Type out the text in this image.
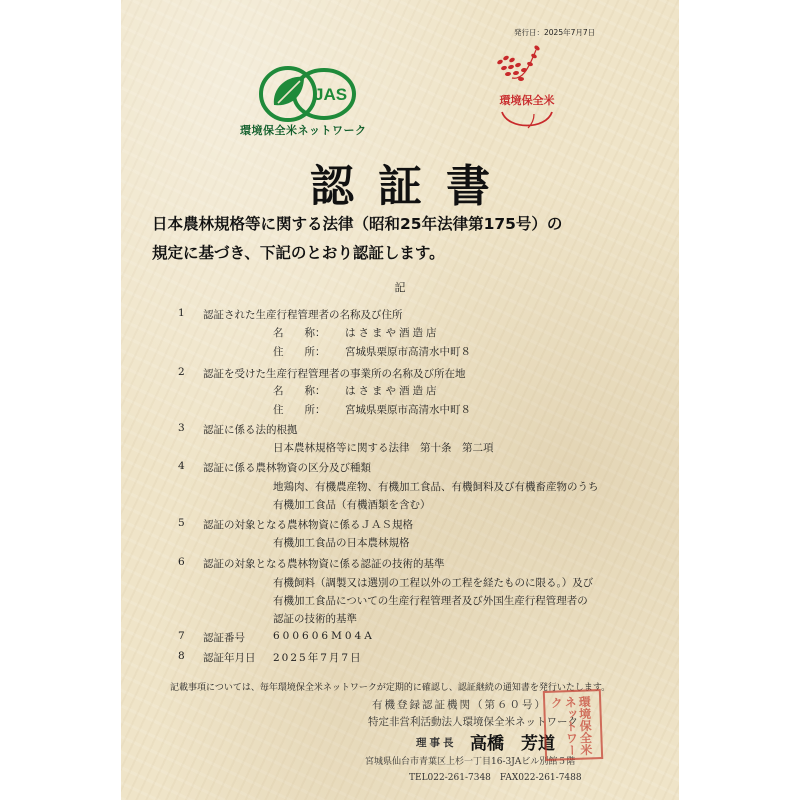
発行日：2025年7月7日
JAS
環境保全米ネットワーク
環境保全米
認証書
日本農林規格等に関する法律（昭和25年法律第175号）の
規定に基づき、下記のとおり認証します。
記
1 認証された生産行程管理者の名称及び住所
名　　称： はさまや酒造店
住　　所： 宮城県栗原市高清水中町８
2 認証を受けた生産行程管理者の事業所の名称及び所在地
名　　称： はさまや酒造店
住　　所： 宮城県栗原市高清水中町８
3 認証に係る法的根拠
日本農林規格等に関する法律　第十条　第二項
4 認証に係る農林物資の区分及び種類
地鶏肉、有機農産物、有機加工食品、有機飼料及び有機畜産物のうち
有機加工食品（有機酒類を含む）
5 認証の対象となる農林物資に係るＪＡＳ規格
有機加工食品の日本農林規格
6 認証の対象となる農林物資に係る認証の技術的基準
有機飼料（調製又は選別の工程以外の工程を経たものに限る。）及び
有機加工食品についての生産行程管理者及び外国生産行程管理者の
認証の技術的基準
7 認証番号	600606M04A
8 認証年月日 2025年7月7日
記載事項については、毎年環境保全米ネットワークが定期的に確認し、認証継続の通知書を発行いたします。
有機登録認証機関（第６０号）
特定非営利活動法人環境保全米ネットワーク
理事長 高橋　芳道
宮城県仙台市青葉区上杉一丁目16-3JAビル別館５階
TEL022-261-7348　FAX022-261-7488
環境保全米ネットワーク
